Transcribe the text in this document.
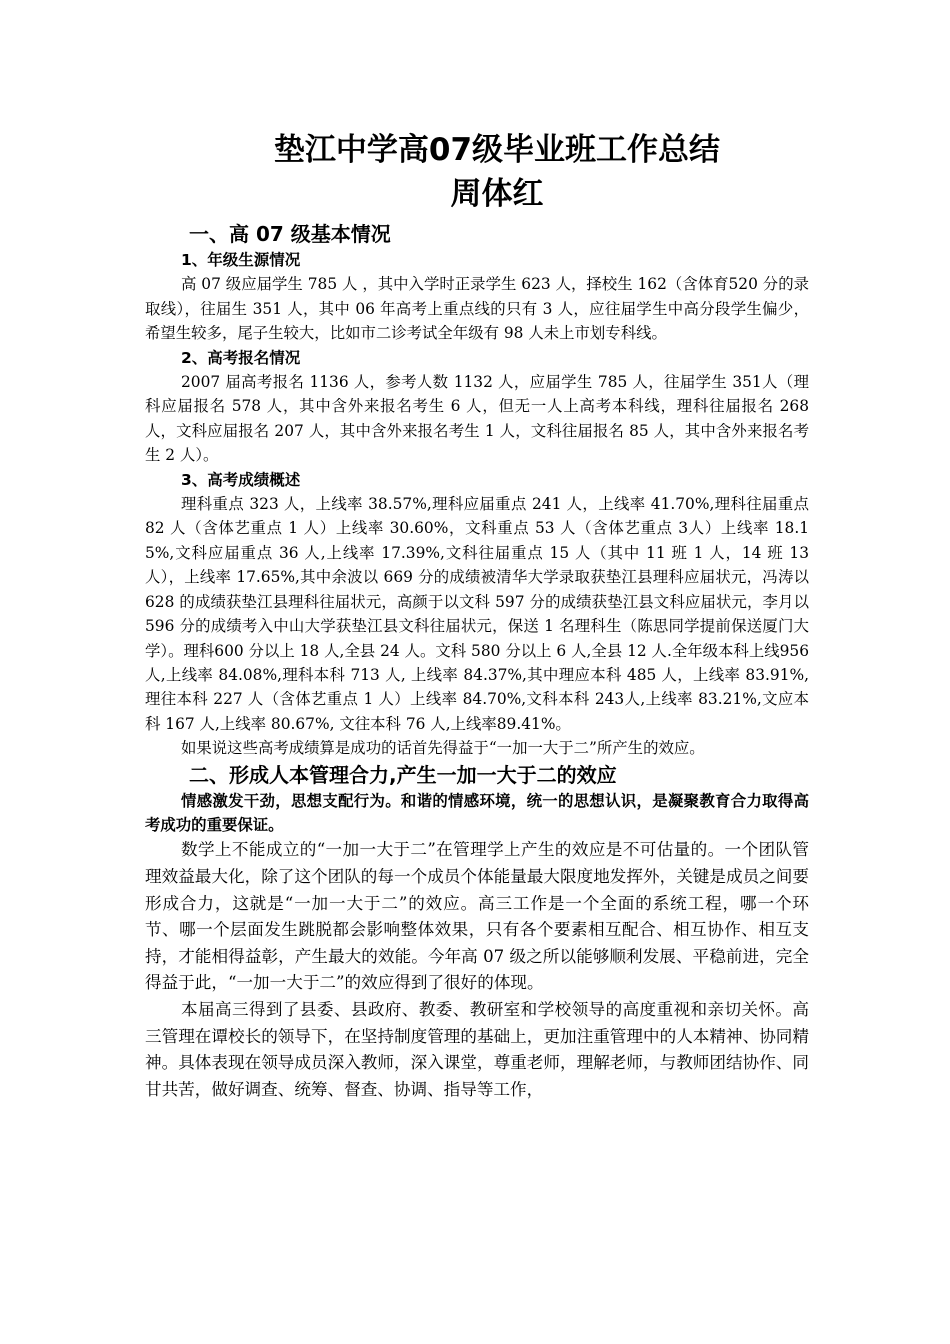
垫江中学高07级毕业班工作总结
周体红
一、高 07 级基本情况
1、年级生源情况

高 07 级应届学生 785 人 ，其中入学时正录学生 623 人，择校生 162（含体育520 分的录取线），往届生 351 人，其中 06 年高考上重点线的只有 3 人，应往届学生中高分段学生偏少，希望生较多，尾子生较大，比如市二诊考试全年级有 98 人未上市划专科线。

2、高考报名情况

2007 届高考报名 1136 人，参考人数 1132 人，应届学生 785 人，往届学生 351人（理科应届报名 578 人，其中含外来报名考生 6 人，但无一人上高考本科线，理科往届报名 268 人，文科应届报名 207 人，其中含外来报名考生 1 人，文科往届报名 85 人，其中含外来报名考生 2 人）。

3、高考成绩概述

理科重点 323 人，上线率 38.57%,理科应届重点 241 人，上线率 41.70%,理科往届重点 82 人（含体艺重点 1 人）上线率 30.60%，文科重点 53 人（含体艺重点 3人）上线率 18.15%,文科应届重点 36 人,上线率 17.39%,文科往届重点 15 人（其中 11 班 1 人，14 班 13 人），上线率 17.65%,其中余波以 669 分的成绩被清华大学录取获垫江县理科应届状元，冯涛以 628 的成绩获垫江县理科往届状元，高颜于以文科 597 分的成绩获垫江县文科应届状元，李月以 596 分的成绩考入中山大学获垫江县文科往届状元，保送 1 名理科生（陈思同学提前保送厦门大学）。理科600 分以上 18 人,全县 24 人。文科 580 分以上 6 人,全县 12 人.全年级本科上线956 人,上线率 84.08%,理科本科 713 人, 上线率 84.37%,其中理应本科 485 人，上线率 83.91%,理往本科 227 人（含体艺重点 1 人）上线率 84.70%,文科本科 243人,上线率 83.21%,文应本科 167 人,上线率 80.67%, 文往本科 76 人,上线率89.41%。

如果说这些高考成绩算是成功的话首先得益于“一加一大于二”所产生的效应。

二、形成人本管理合力,产生一加一大于二的效应

情感激发干劲，思想支配行为。和谐的情感环境，统一的思想认识，是凝聚教育合力取得高考成功的重要保证。

数学上不能成立的“一加一大于二”在管理学上产生的效应是不可估量的。一个团队管理效益最大化，除了这个团队的每一个成员个体能量最大限度地发挥外，关键是成员之间要形成合力，这就是“一加一大于二”的效应。高三工作是一个全面的系统工程，哪一个环节、哪一个层面发生跳脱都会影响整体效果，只有各个要素相互配合、相互协作、相互支持，才能相得益彰，产生最大的效能。今年高 07 级之所以能够顺利发展、平稳前进，完全得益于此，“一加一大于二”的效应得到了很好的体现。

本届高三得到了县委、县政府、教委、教研室和学校领导的高度重视和亲切关怀。高三管理在谭校长的领导下，在坚持制度管理的基础上，更加注重管理中的人本精神、协同精神。具体表现在领导成员深入教师，深入课堂，尊重老师，理解老师，与教师团结协作、同甘共苦，做好调查、统筹、督查、协调、指导等工作，
